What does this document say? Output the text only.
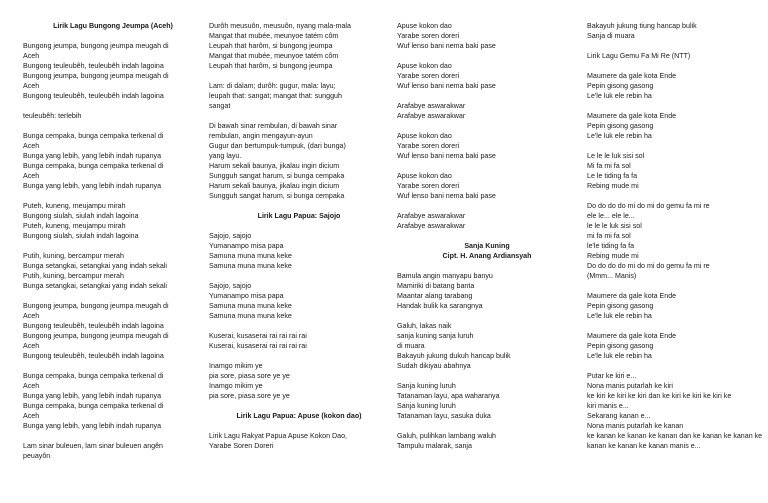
Lirik Lagu Bungong Jeumpa (Aceh)
Bungong jeumpa, bungong jeumpa meugah di
Aceh
Bungong teuleubêh, teuleubêh indah lagoina
Bungong jeumpa, bungong jeumpa meugah di
Aceh
Bungong teuleubêh, teuleubêh indah lagoina
teuleubêh: terlebih
Bunga cempaka, bunga cempaka terkenal di
Aceh
Bunga yang lebih, yang lebih indah rupanya
Bunga cempaka, bunga cempaka terkenal di
Aceh
Bunga yang lebih, yang lebih indah rupanya
Puteh, kuneng, meujampu mirah
Bungong siulah, siulah indah lagoina
Puteh, kuneng, meujampu mirah
Bungong siulah, siulah indah lagoina
Putih, kuning, bercampur merah
Bunga setangkai, setangkai yang indah sekali
Putih, kuning, bercampur merah
Bunga setangkai, setangkai yang indah sekali
Bungong jeumpa, bungong jeumpa meugah di
Aceh
Bungong teuleubêh, teuleubêh indah lagoina
Bungong jeumpa, bungong jeumpa meugah di
Aceh
Bungong teuleubêh, teuleubêh indah lagoina
Bunga cempaka, bunga cempaka terkenal di
Aceh
Bunga yang lebih, yang lebih indah rupanya
Bunga cempaka, bunga cempaka terkenal di
Aceh
Bunga yang lebih, yang lebih indah rupanya
Lam sinar buleuen, lam sinar buleuen angên
peuayôn
Durôh meusuôn, meusuôn, nyang mala-mala
Mangat that mubée, meunyoe tatém côm
Leupah that harôm, si bungong jeumpa
Mangat that mubée, meunyoe tatém côm
Leupah that harôm, si bungong jeumpa
Lam: di dalam; durôh: gugur, mala: layu;
leupah that: sangat; mangat that: sungguh
sangat
Di bawah sinar rembulan, di bawah sinar
rembulan, angin mengayun-ayun
Gugur dan bertumpuk-tumpuk, (dari bunga)
yang layu.
Harum sekali baunya, jikalau ingin dicium
Sungguh sangat harum, si bunga cempaka
Harum sekali baunya, jikalau ingin dicium
Sungguh sangat harum, si bunga cempaka
Lirik Lagu Papua: Sajojo
Sajojo, sajojo
Yumanampo misa papa
Samuna muna muna keke
Samuna muna muna keke
Sajojo, sajojo
Yumanampo misa papa
Samuna muna muna keke
Samuna muna muna keke
Kuserai, kusaserai rai rai rai rai
Kuserai, kusaserai rai rai rai rai
Inamgo mikim ye
pia sore, piasa sore ye ye
Inamgo mikim ye
pia sore, piasa sore ye ye
Lirik Lagu Papua: Apuse (kokon dao)
Lirik Lagu Rakyat Papua Apuse Kokon Dao,
Yarabe Soren Doreri
Apuse kokon dao
Yarabe soren doreri
Wuf lenso bani nema baki pase
Apuse kokon dao
Yarabe soren doreri
Wuf lenso bani nema baki pase
Arafabye aswarakwar
Arafabye aswarakwar
Apuse kokon dao
Yarabe soren doreri
Wuf lenso bani nema baki pase
Apuse kokon dao
Yarabe soren doreri
Wuf lenso bani nema baki pase
Arafabye aswarakwar
Arafabye aswarakwar
Sanja Kuning
Cipt. H. Anang Ardiansyah
Bamula angin manyapu banyu
Mamiriki di batang banta
Maantar alang tarabang
Handak bulik ka sarangnya
Galuh, lakas naik
sanja kuning sanja luruh
di muara
Bakayuh jukung dukuh hancap bulik
Sudah dikiyau abahnya
Sanja kuning luruh
Tatanaman layu, apa waharanya
Sanja kuning luruh
Tatanaman layu, sasuka duka
Galuh, pulihkan lambang waluh
Tampulu malarak, sanja
Bakayuh jukung tiung hancap bulik
Sanja di muara
Lirik Lagu Gemu Fa Mi Re (NTT)
Maumere da gale kota Ende
Pepin gisong gasong
Le'le luk ele rebin ha
Maumere da gale kota Ende
Pepin gisong gasong
Le'le luk ele rebin ha
Le le le luk sisi sol
Mi fa mi fa sol
Le le tiding fa fa
Rebing mude mi
Do do do do mi do mi do gemu fa mi re
ele le... ele le...
le le le luk sisi sol
mi fa mi fa sol
le'le tiding fa fa
Rebing mude mi
Do do do do mi do mi do gemu fa mi re
(Mmm... Manis)
Maumere da gale kota Ende
Pepin gisong gasong
Le'le luk ele rebin ha
Maumere da gale kota Ende
Pepin gisong gasong
Le'le luk ele rebin ha
Putar ke kiri e...
Nona manis putarlah ke kiri
ke kiri ke kiri ke kiri dan ke kiri ke kiri ke kiri ke
kiri manis e...
Sekarang kanan e...
Nona manis putarlah ke kanan
ke kanan ke kanan ke kanan dan ke kanan ke kanan ke
kanan ke kanan ke kanan manis e...
